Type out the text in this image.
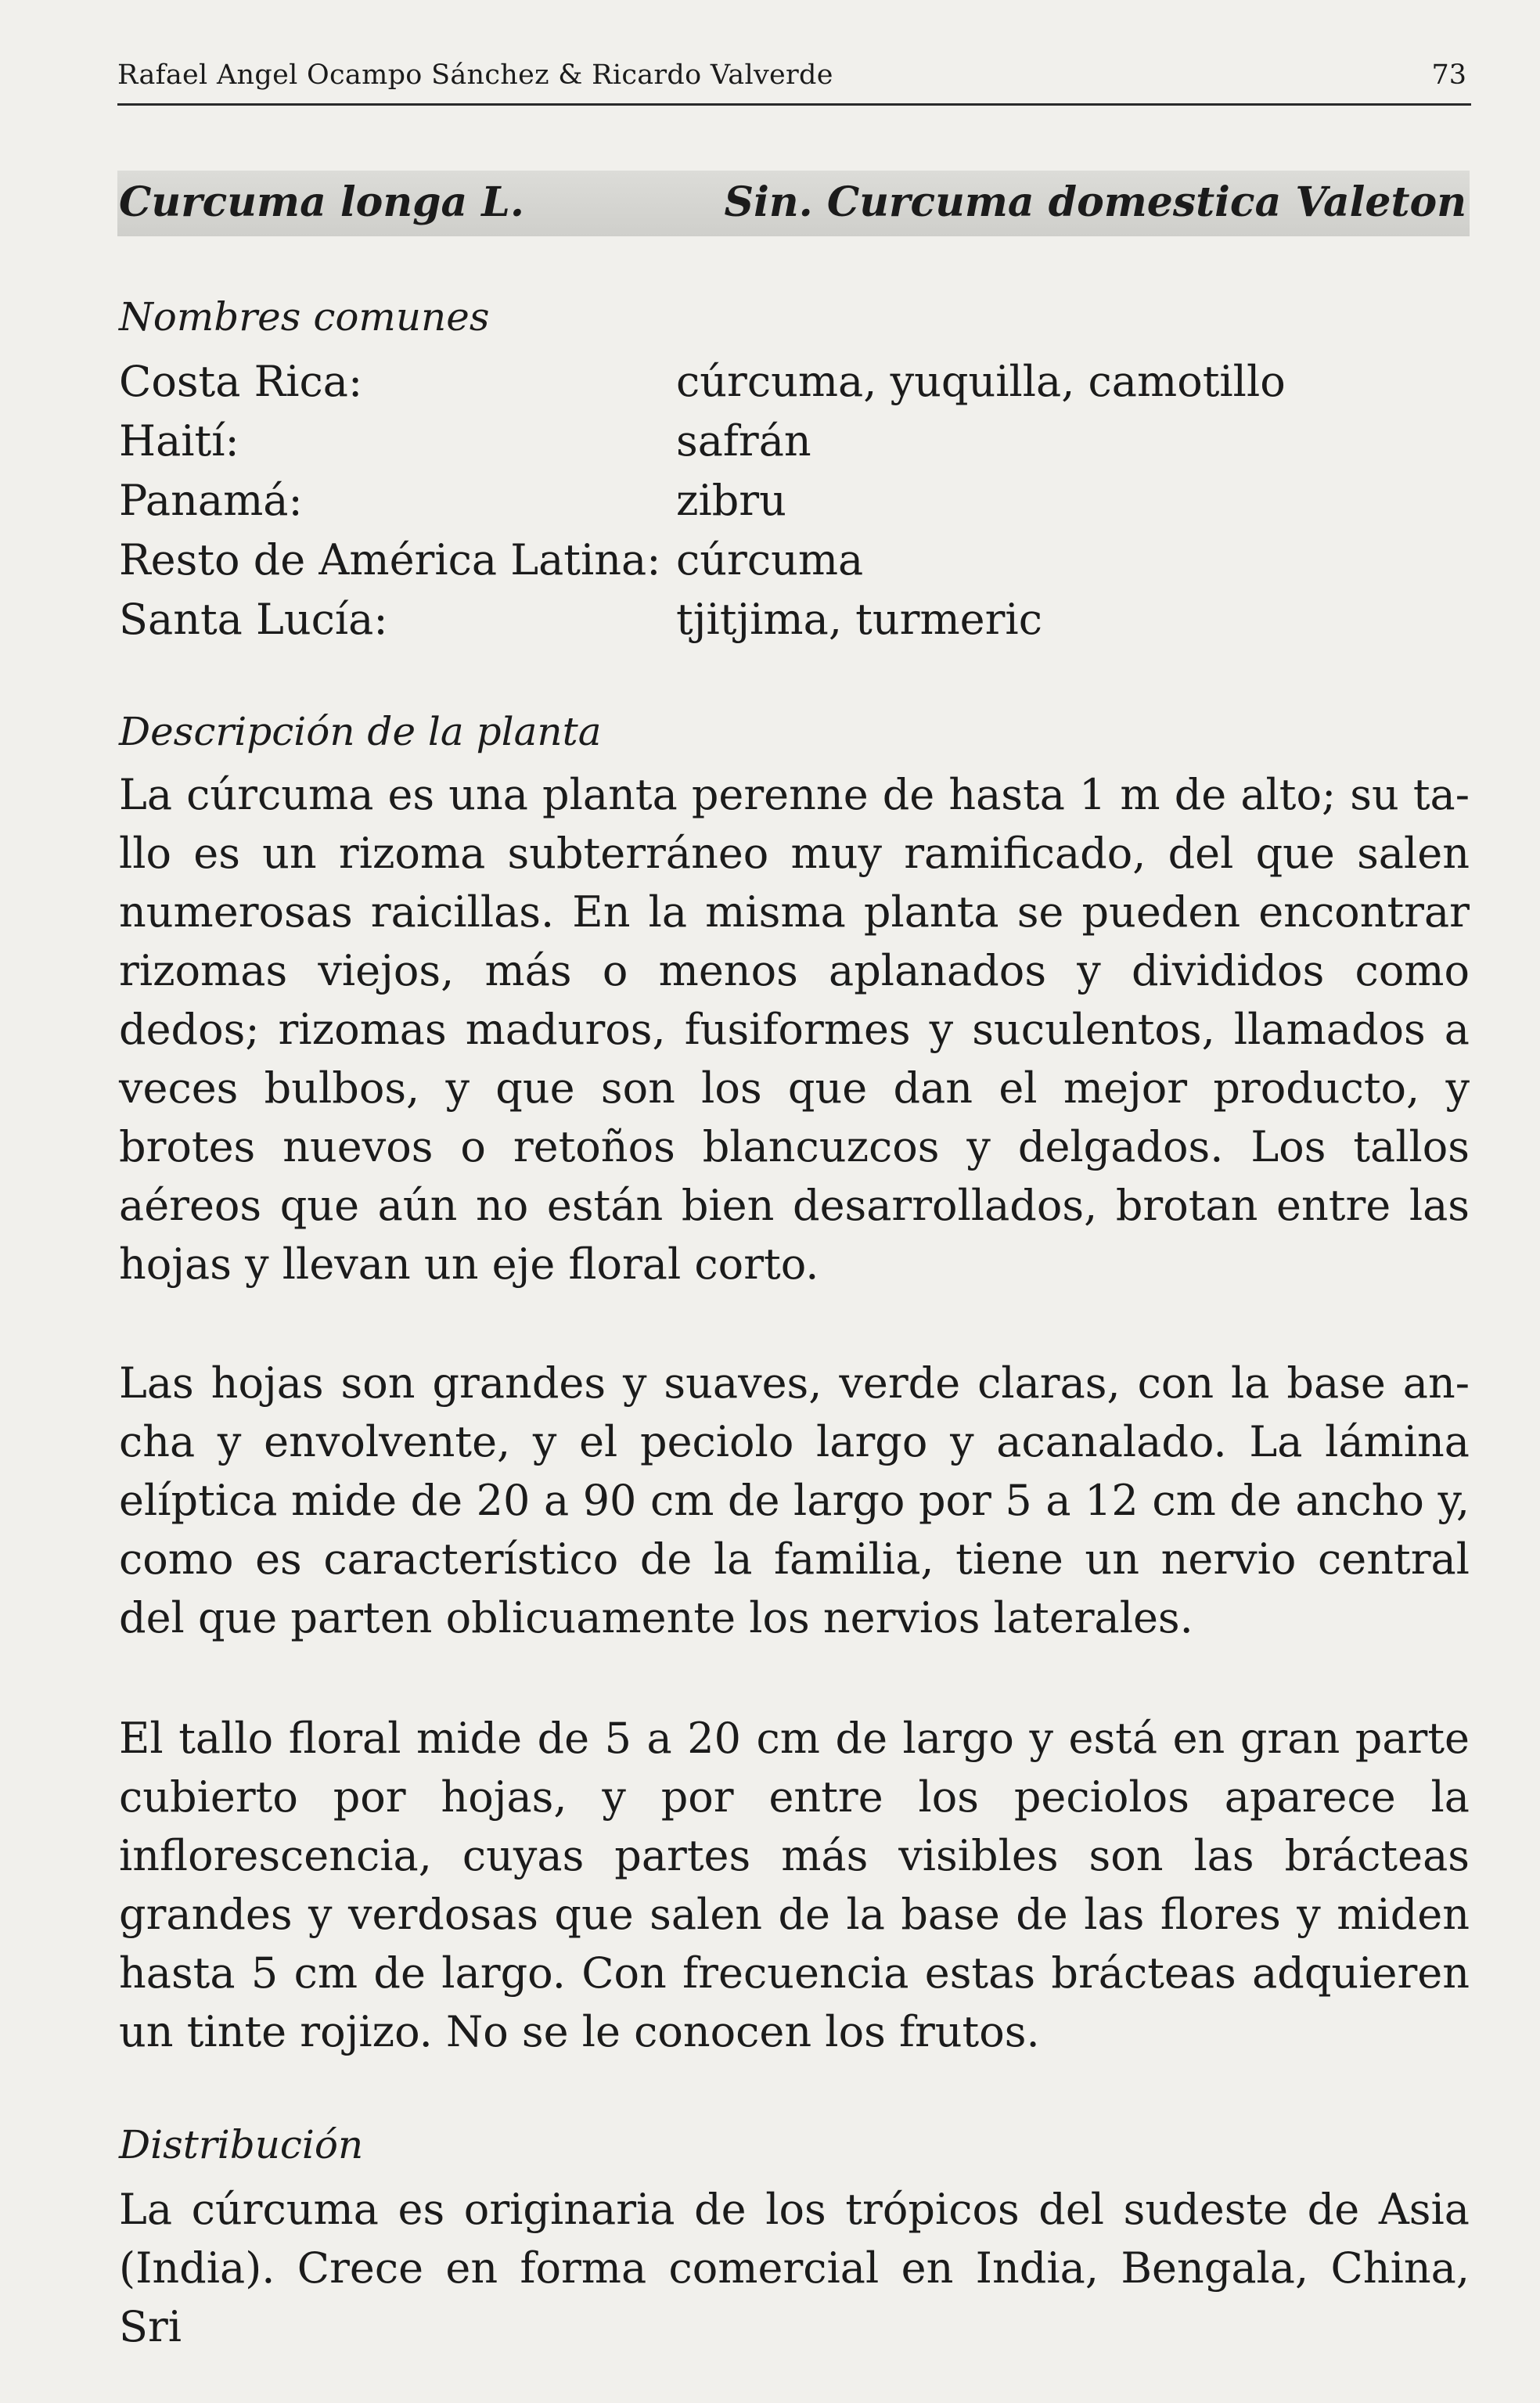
Rafael Angel Ocampo Sánchez & Ricardo Valverde	73
Curcuma longa L.	Sin. Curcuma domestica Valeton
Nombres comunes
Costa Rica:	cúrcuma, yuquilla, camotillo
Haití:	safrán
Panamá:	zibru
Resto de América Latina: cúrcuma
Santa Lucía:	tjitjima, turmeric
Descripción de la planta

La cúrcuma es una planta perenne de hasta 1 m de alto; su tallo es un rizoma subterráneo muy ramificado, del que salen numerosas raicillas. En la misma planta se pueden encontrar rizomas viejos, más o menos aplanados y divididos como dedos; rizomas maduros, fusiformes y suculentos, llamados a veces bulbos, y que son los que dan el mejor producto, y brotes nuevos o retoños blancuzcos y delgados. Los tallos aéreos que aún no están bien desarrollados, brotan entre las hojas y llevan un eje floral corto.

Las hojas son grandes y suaves, verde claras, con la base ancha y envolvente, y el peciolo largo y acanalado. La lámina elíptica mide de 20 a 90 cm de largo por 5 a 12 cm de ancho y, como es característico de la familia, tiene un nervio central del que parten oblicuamente los nervios laterales.

El tallo floral mide de 5 a 20 cm de largo y está en gran parte cubierto por hojas, y por entre los peciolos aparece la inflorescencia, cuyas partes más visibles son las brácteas grandes y verdosas que salen de la base de las flores y miden hasta 5 cm de largo. Con frecuencia estas brácteas adquieren un tinte rojizo. No se le conocen los frutos.

Distribución

La cúrcuma es originaria de los trópicos del sudeste de Asia (India). Crece en forma comercial en India, Bengala, China, Sri
